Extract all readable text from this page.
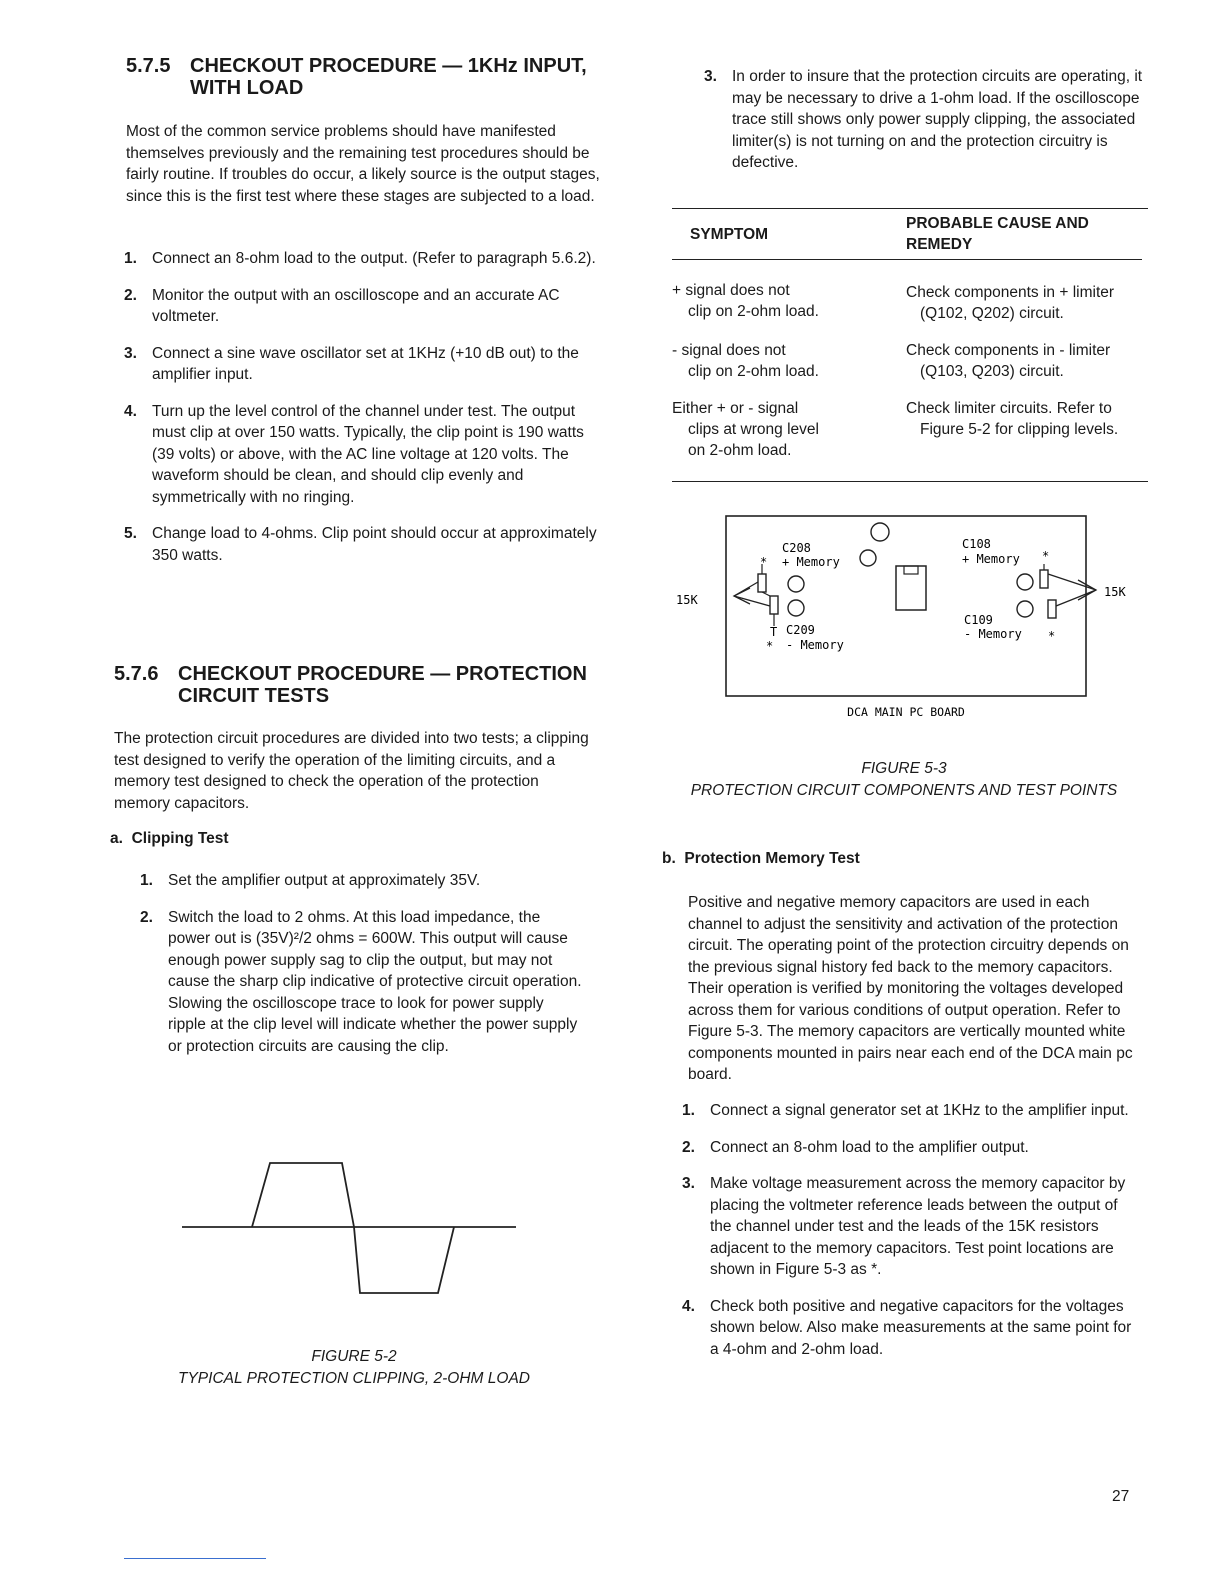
5.7.5 CHECKOUT PROCEDURE — 1KHz INPUT,
WITH LOAD

Most of the common service problems should have manifested themselves previously and the remaining test procedures should be fairly routine. If troubles do occur, a likely source is the output stages, since this is the first test where these stages are subjected to a load.

1. Connect an 8-ohm load to the output. (Refer to paragraph 5.6.2).
2. Monitor the output with an oscilloscope and an accurate AC voltmeter.
3. Connect a sine wave oscillator set at 1KHz (+10 dB out) to the amplifier input.
4. Turn up the level control of the channel under test. The output must clip at over 150 watts. Typically, the clip point is 190 watts (39 volts) or above, with the AC line voltage at 120 volts. The waveform should be clean, and should clip evenly and symmetrically with no ringing.
5. Change load to 4-ohms. Clip point should occur at approximately 350 watts.
5.7.6 CHECKOUT PROCEDURE — PROTECTION
CIRCUIT TESTS

The protection circuit procedures are divided into two tests; a clipping test designed to verify the operation of the limiting circuits, and a memory test designed to check the operation of the protection memory capacitors.

a. Clipping Test
1. Set the amplifier output at approximately 35V.
2. Switch the load to 2 ohms. At this load impedance, the power out is (35V)²/2 ohms = 600W. This output will cause enough power supply sag to clip the output, but may not cause the sharp clip indicative of protective circuit operation. Slowing the oscilloscope trace to look for power supply ripple at the clip level will indicate whether the power supply or protection circuits are causing the clip.
FIGURE 5-2
TYPICAL PROTECTION CLIPPING, 2-OHM LOAD
3. In order to insure that the protection circuits are operating, it may be necessary to drive a 1-ohm load. If the oscilloscope trace still shows only power supply clipping, the associated limiter(s) is not turning on and the protection circuitry is defective.
SYMPTOM	PROBABLE CAUSE AND REMEDY
+ signal does not
clip on 2-ohm load.	Check components in + limiter
(Q102, Q202) circuit.

- signal does not
clip on 2-ohm load.	Check components in - limiter
(Q103, Q203) circuit.

Either + or - signal
clips at wrong level
on 2-ohm load.	Check limiter circuits. Refer to
Figure 5-2 for clipping levels.
C208
* + Memory
T C209
* - Memory
15K
C108
+ Memory *
C109
- Memory *
15K
DCA MAIN PC BOARD
FIGURE 5-3
PROTECTION CIRCUIT COMPONENTS AND TEST POINTS
b. Protection Memory Test

Positive and negative memory capacitors are used in each channel to adjust the sensitivity and activation of the protection circuit. The operating point of the protection circuitry depends on the previous signal history fed back to the memory capacitors. Their operation is verified by monitoring the voltages developed across them for various conditions of output operation. Refer to Figure 5-3. The memory capacitors are vertically mounted white components mounted in pairs near each end of the DCA main pc board.

1. Connect a signal generator set at 1KHz to the amplifier input.
2. Connect an 8-ohm load to the amplifier output.
3. Make voltage measurement across the memory capacitor by placing the voltmeter reference leads between the output of the channel under test and the leads of the 15K resistors adjacent to the memory capacitors. Test point locations are shown in Figure 5-3 as *.
4. Check both positive and negative capacitors for the voltages shown below. Also make measurements at the same point for a 4-ohm and 2-ohm load.
27
